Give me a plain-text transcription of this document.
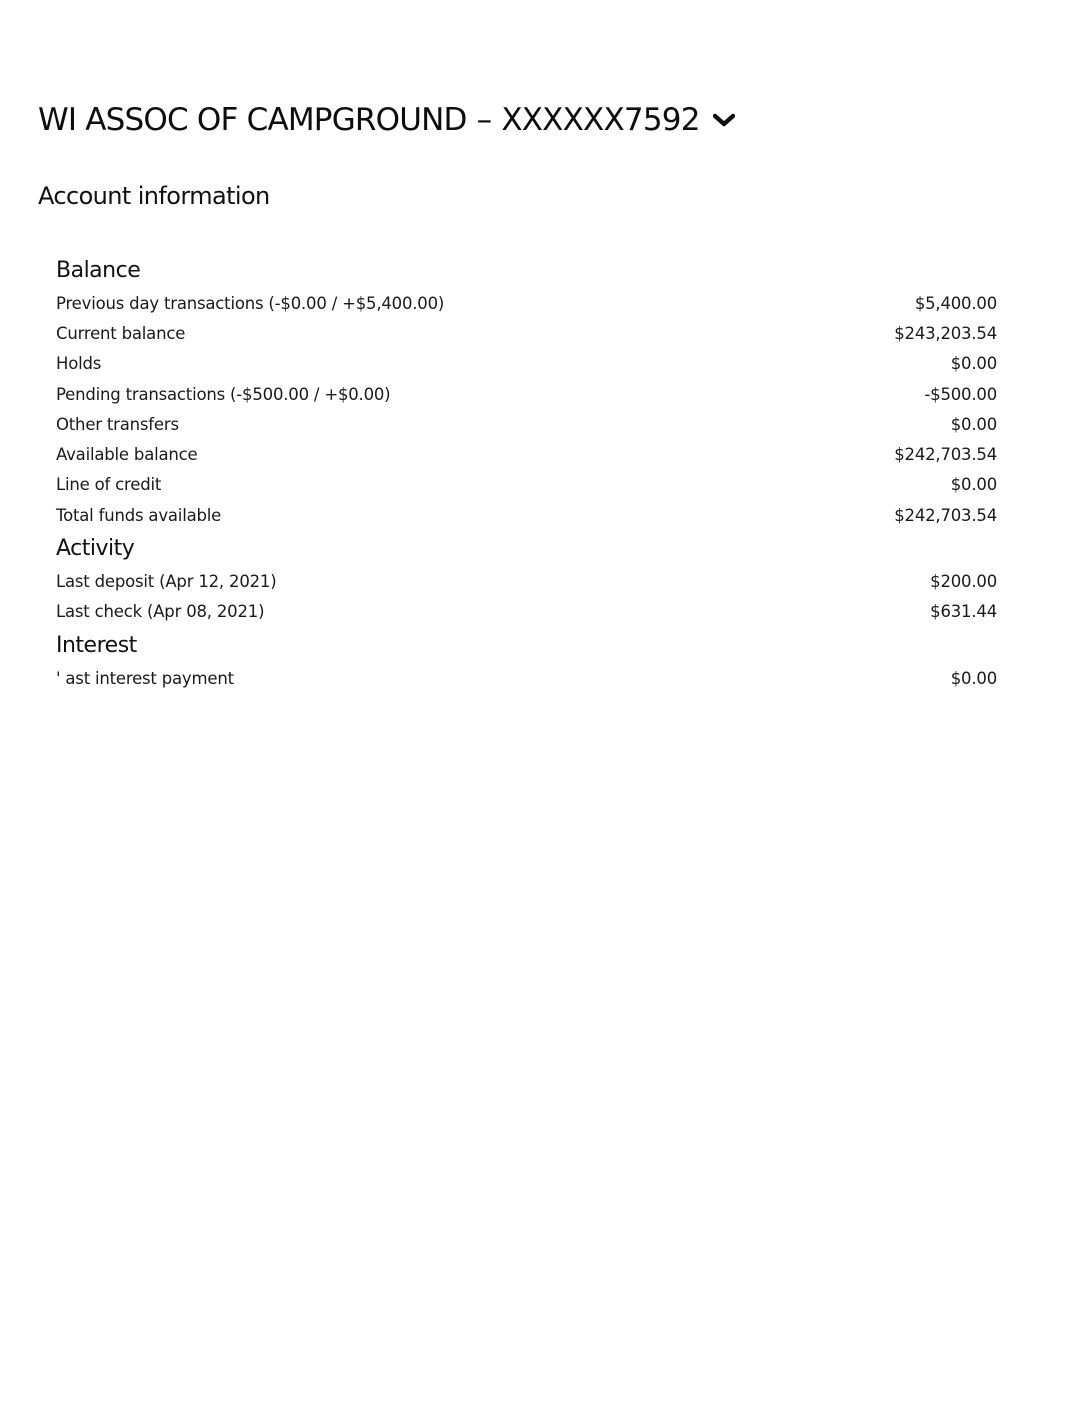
WI ASSOC OF CAMPGROUND – XXXXXX7592
Account information
Balance
Previous day transactions (-$0.00 / +$5,400.00)	$5,400.00
Current balance	$243,203.54
Holds	$0.00
Pending transactions (-$500.00 / +$0.00)	-$500.00
Other transfers	$0.00
Available balance	$242,703.54
Line of credit	$0.00
Total funds available	$242,703.54
Activity
Last deposit (Apr 12, 2021)	$200.00
Last check (Apr 08, 2021)	$631.44
Interest
' ast interest payment	$0.00
